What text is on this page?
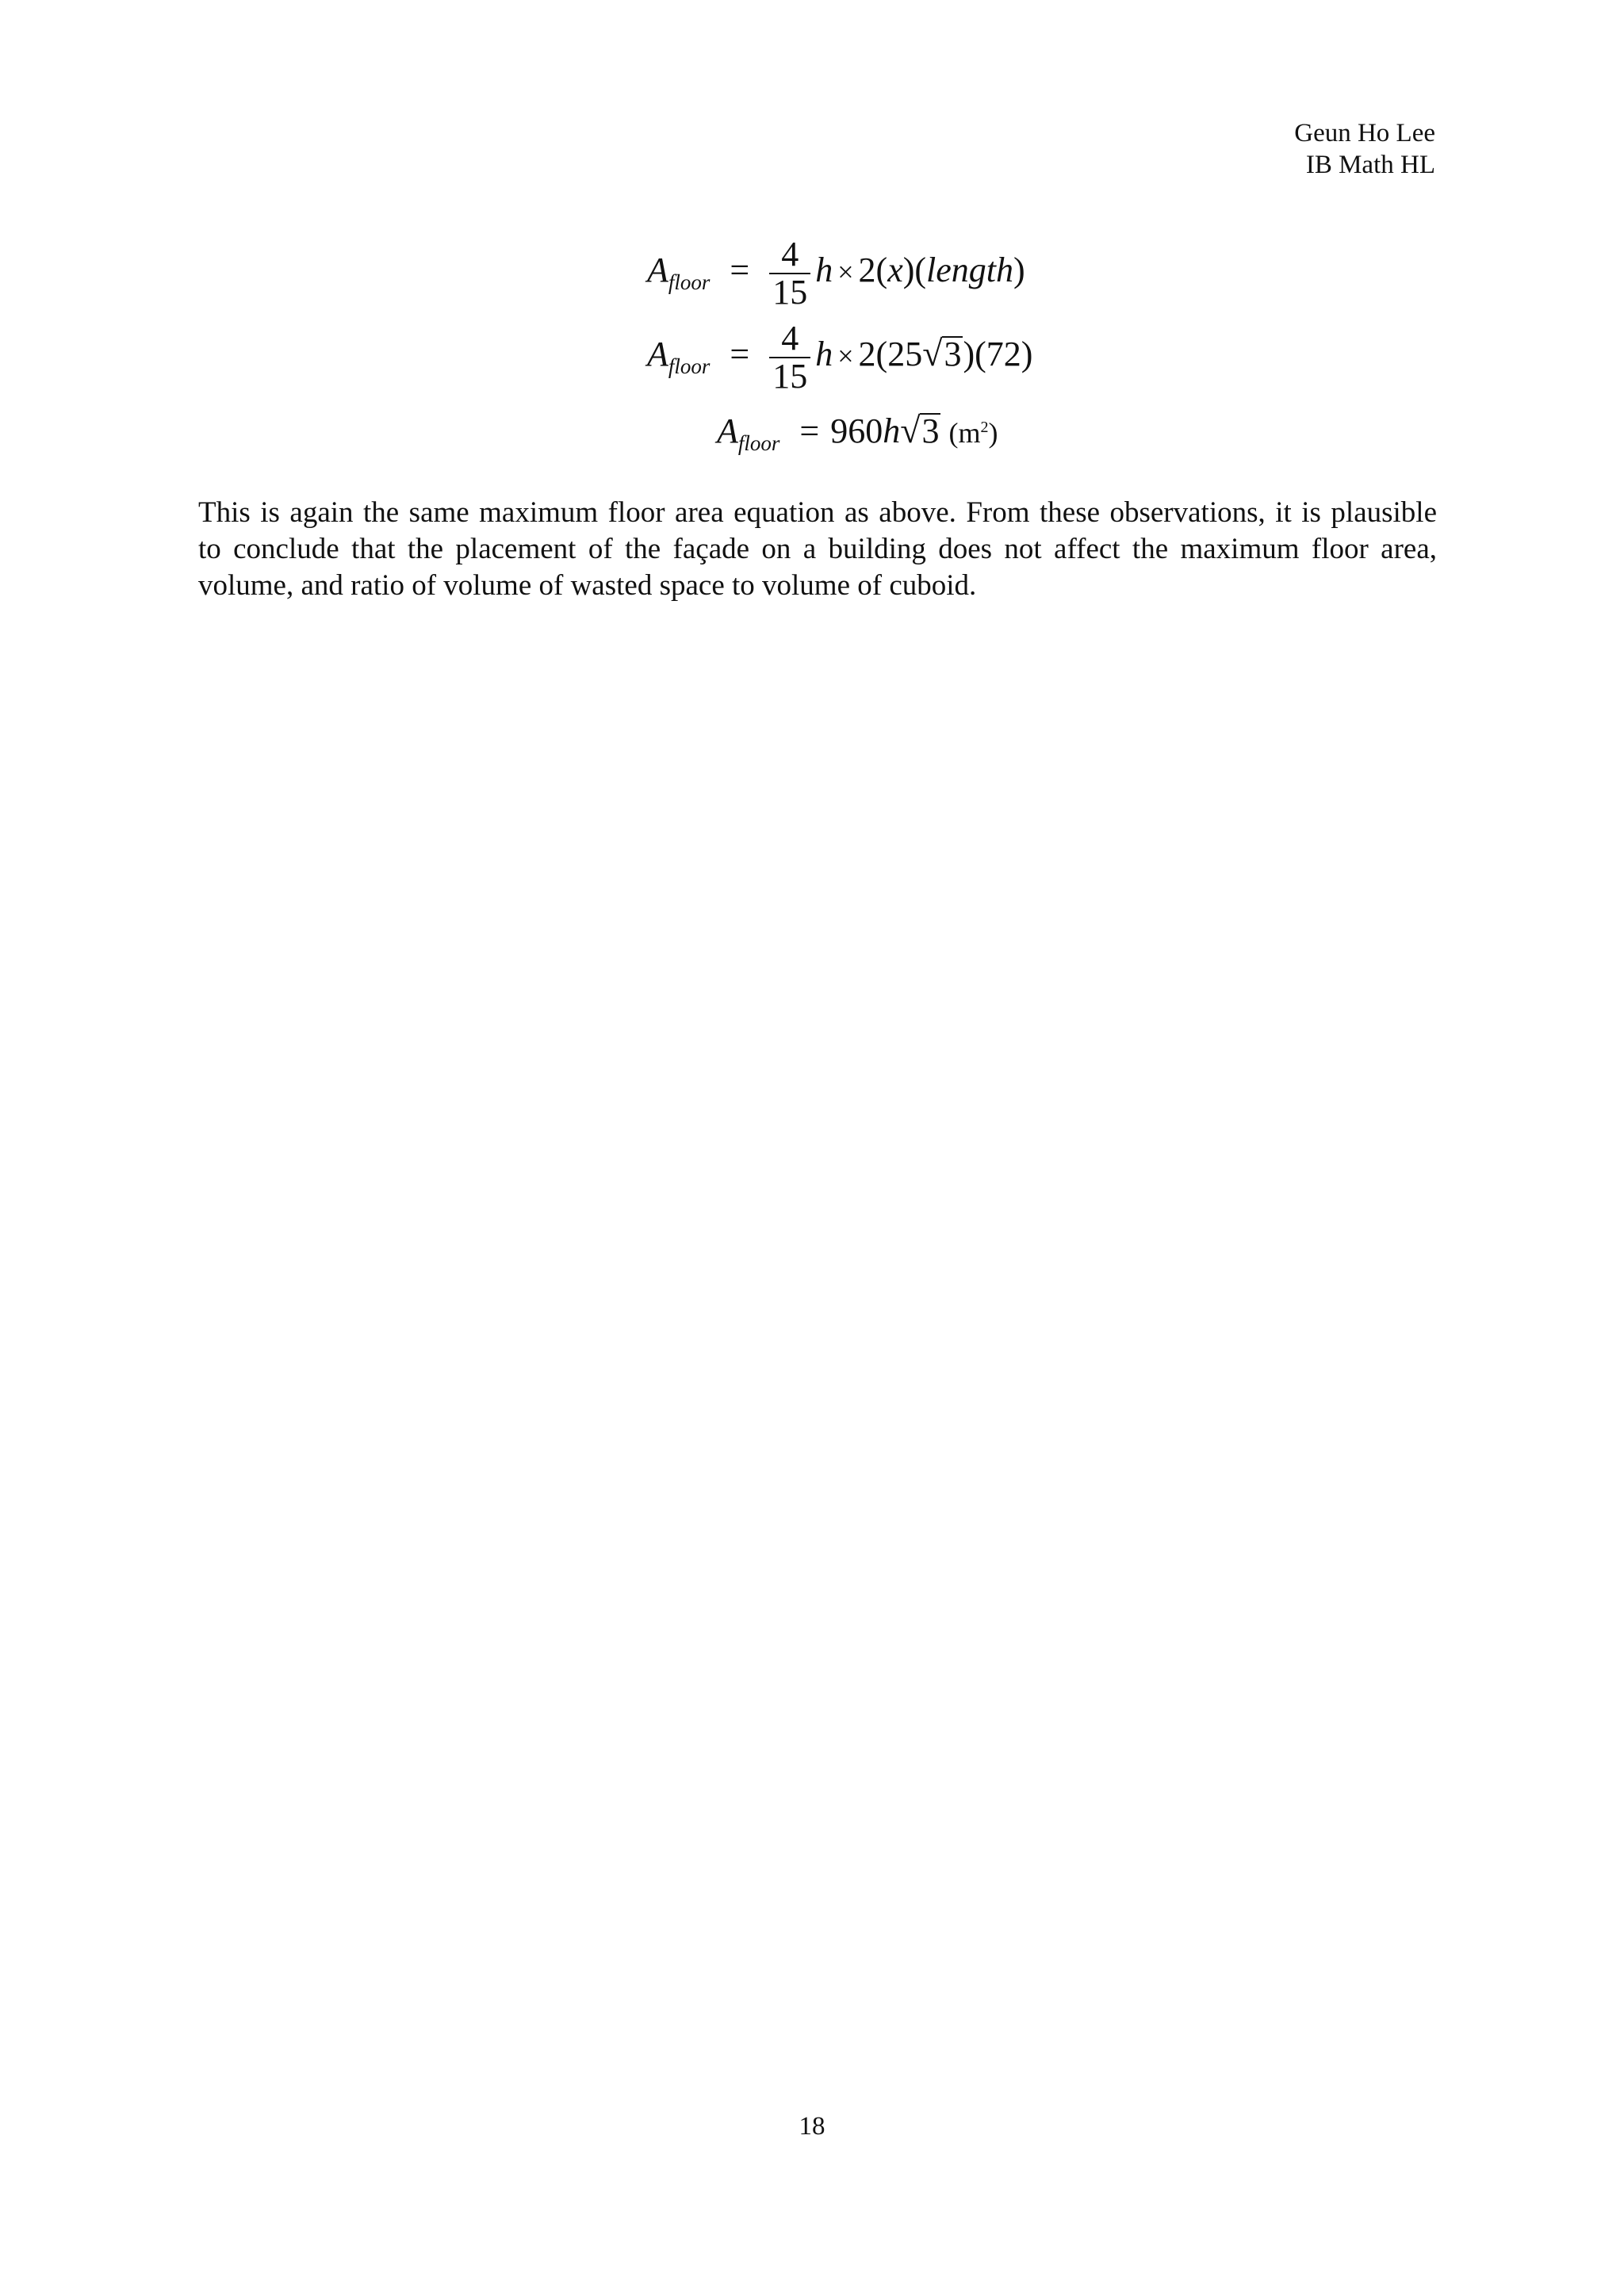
Geun Ho Lee
IB Math HL
$A_{floor} = \frac{4}{15}$ h × 2(x)(length)
$A_{floor} = \frac{4}{15}$ h × 2(25√3)(72)
$A_{floor} = 960h√3$ $(m^2)$
This is again the same maximum floor area equation as above. From these observations, it is plausible
to conclude that the placement of the façade on a building does not affect the maximum floor area,
volume, and ratio of volume of wasted space to volume of cuboid.
18
